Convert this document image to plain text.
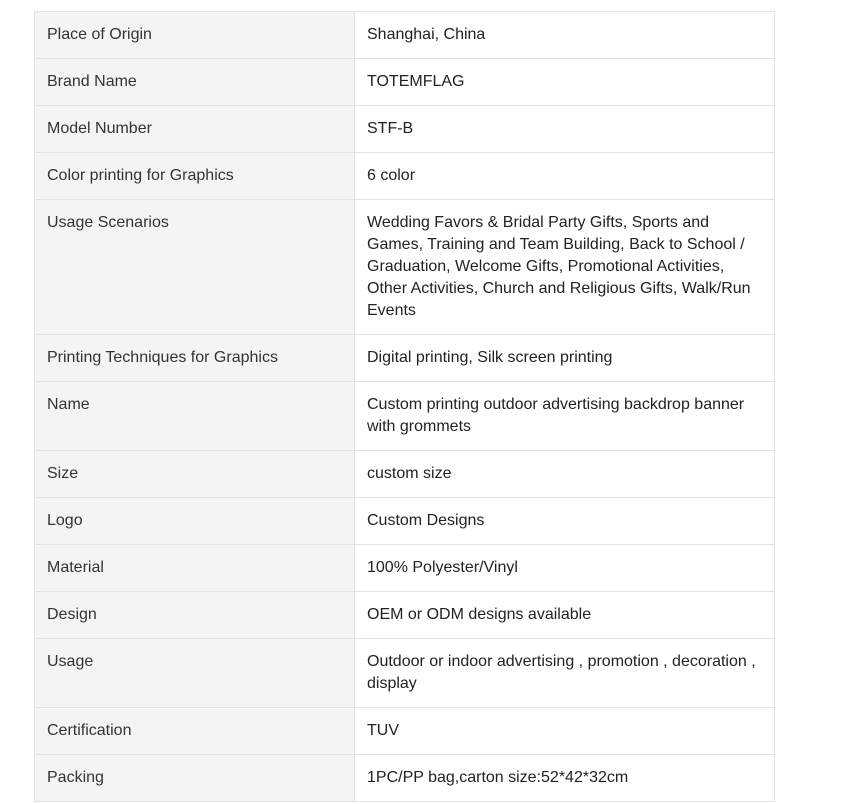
Place of Origin	Shanghai, China
Brand Name	TOTEMFLAG
Model Number	STF-B
Color printing for Graphics	6 color
Usage Scenarios	Wedding Favors & Bridal Party Gifts, Sports and Games, Training and Team Building, Back to School / Graduation, Welcome Gifts, Promotional Activities, Other Activities, Church and Religious Gifts, Walk/Run Events
Printing Techniques for Graphics	Digital printing, Silk screen printing
Name	Custom printing outdoor advertising backdrop banner with grommets
Size	custom size
Logo	Custom Designs
Material	100% Polyester/Vinyl
Design	OEM or ODM designs available
Usage	Outdoor or indoor advertising , promotion , decoration , display
Certification	TUV
Packing	1PC/PP bag,carton size:52*42*32cm
